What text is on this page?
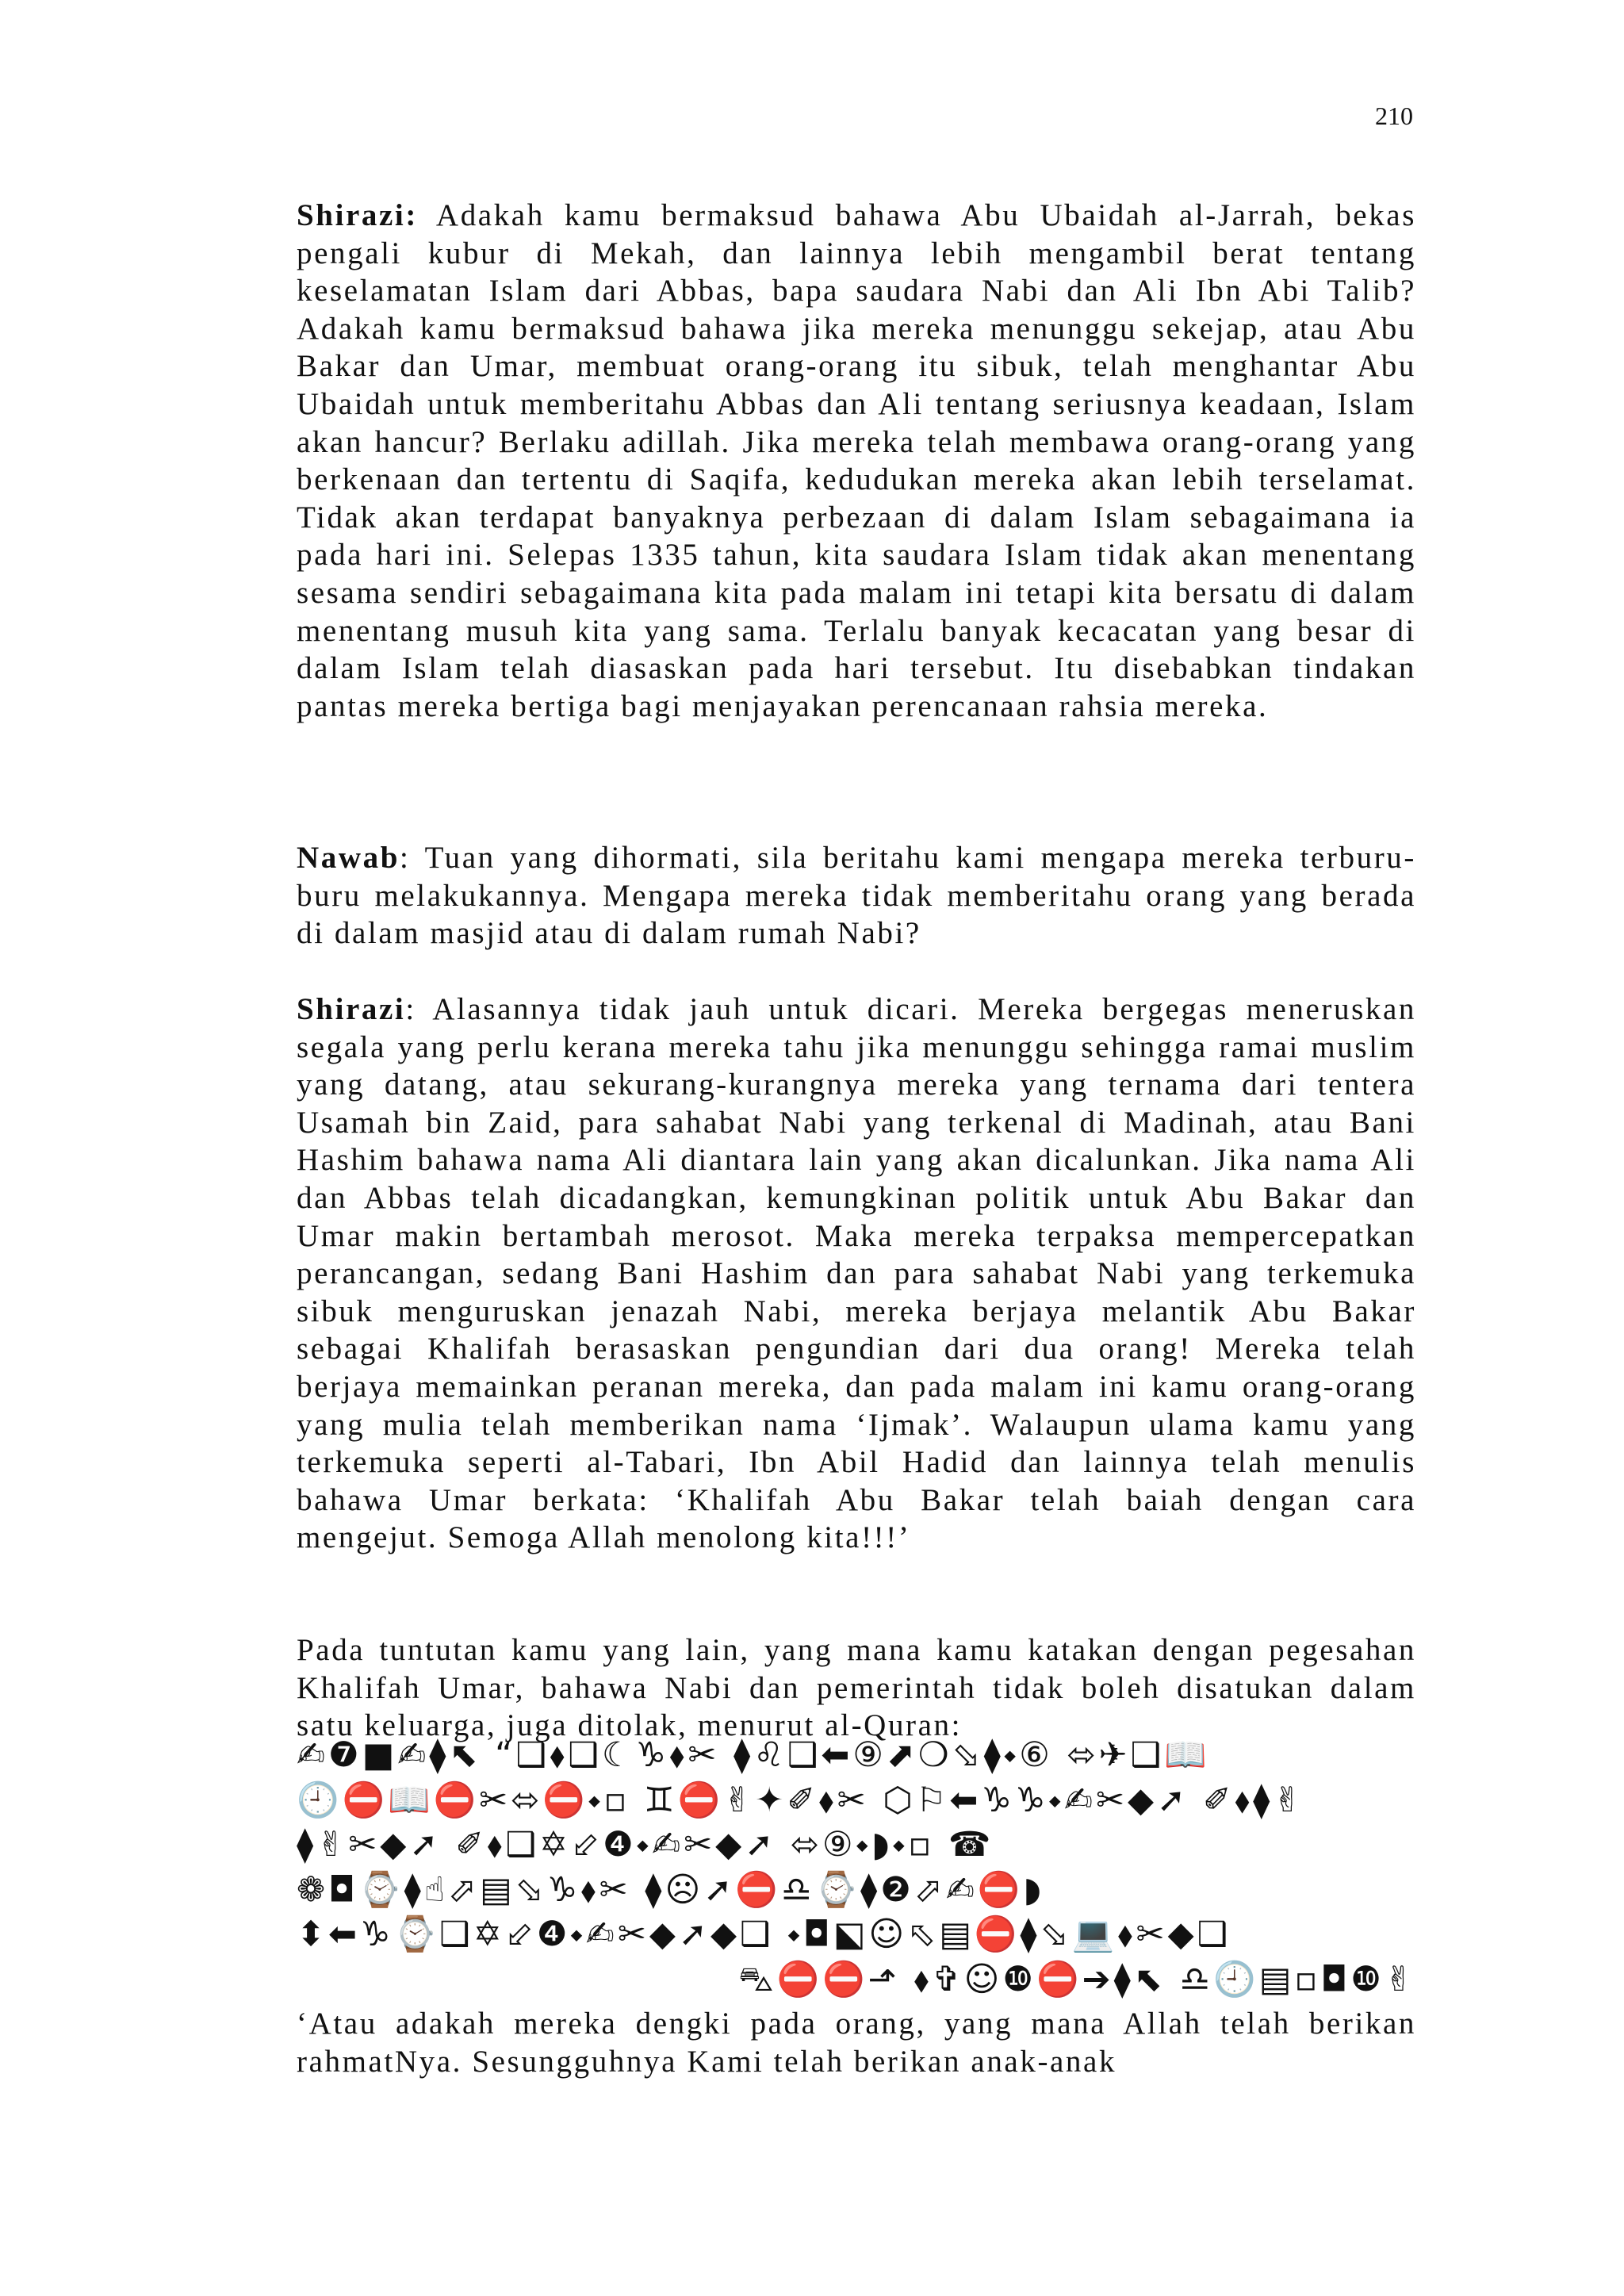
210

Shirazi: Adakah kamu bermaksud bahawa Abu Ubaidah al-Jarrah, bekas pengali kubur di Mekah, dan lainnya lebih mengambil berat tentang keselamatan Islam dari Abbas, bapa saudara Nabi dan Ali Ibn Abi Talib? Adakah kamu bermaksud bahawa jika mereka menunggu sekejap, atau Abu Bakar dan Umar, membuat orang-orang itu sibuk, telah menghantar Abu Ubaidah untuk memberitahu Abbas dan Ali tentang seriusnya keadaan, Islam akan hancur? Berlaku adillah. Jika mereka telah membawa orang-orang yang berkenaan dan tertentu di Saqifa, kedudukan mereka akan lebih terselamat. Tidak akan terdapat banyaknya perbezaan di dalam Islam sebagaimana ia pada hari ini. Selepas 1335 tahun, kita saudara Islam tidak akan menentang sesama sendiri sebagaimana kita pada malam ini tetapi kita bersatu di dalam menentang musuh kita yang sama. Terlalu banyak kecacatan yang besar di dalam Islam telah diasaskan pada hari tersebut. Itu disebabkan tindakan pantas mereka bertiga bagi menjayakan perencanaan rahsia mereka.

Nawab: Tuan yang dihormati, sila beritahu kami mengapa mereka terburu-buru melakukannya. Mengapa mereka tidak memberitahu orang yang berada di dalam masjid atau di dalam rumah Nabi?

Shirazi: Alasannya tidak jauh untuk dicari. Mereka bergegas meneruskan segala yang perlu kerana mereka tahu jika menunggu sehingga ramai muslim yang datang, atau sekurang-kurangnya mereka yang ternama dari tentera Usamah bin Zaid, para sahabat Nabi yang terkenal di Madinah, atau Bani Hashim bahawa nama Ali diantara lain yang akan dicalunkan. Jika nama Ali dan Abbas telah dicadangkan, kemungkinan politik untuk Abu Bakar dan Umar makin bertambah merosot. Maka mereka terpaksa mempercepatkan perancangan, sedang Bani Hashim dan para sahabat Nabi yang terkemuka sibuk menguruskan jenazah Nabi, mereka berjaya melantik Abu Bakar sebagai Khalifah berasaskan pengundian dari dua orang! Mereka telah berjaya memainkan peranan mereka, dan pada malam ini kamu orang-orang yang mulia telah memberikan nama ‘Ijmak’. Walaupun ulama kamu yang terkemuka seperti al-Tabari, Ibn Abil Hadid dan lainnya telah menulis bahawa Umar berkata: ‘Khalifah Abu Bakar telah baiah dengan cara mengejut. Semoga Allah menolong kita!!!’

Pada tuntutan kamu yang lain, yang mana kamu katakan dengan pegesahan Khalifah Umar, bahawa Nabi dan pemerintah tidak boleh disatukan dalam satu keluarga, juga ditolak, menurut al-Quran:

✍❼■✍⧫⬉ “❑⬧❑☾♑⬧✂ ⧫♌❑⬅⑨⬈❍⬂⧫⬩⑥ ⬄✈❑📖
🕘⛔📖⛔✂⬄⛔⬩▫ ♊⛔✌✦✐⬧✂ ⬡⚐⬅♑♑⬩✍✂◆➚ ✐⬧⧫✌
⧫✌✂◆➚ ✐⬧❑✡⬃❹⬩✍✂◆➚ ⬄⑨⬩◗⬩▫ ☎
❁◘⌚⧫☝⬀▤⬂♑⬧✂ ⧫☹➚⛔♎⌚⧫❷⬀✍⛔◗
⬍⬅♑⌚❑✡⬃❹⬩✍✂◆➚◆❑ ⬩◘⬕☺⬁▤⛔⧫⬂💻⬧✂◆❑
⛍⛔⛔⬏ ⬧✞☺❿⛔➔⧫⬉ ♎🕘▤▫◘❿✌

‘Atau adakah mereka dengki pada orang, yang mana Allah telah berikan rahmatNya. Sesungguhnya Kami telah berikan anak-anak
